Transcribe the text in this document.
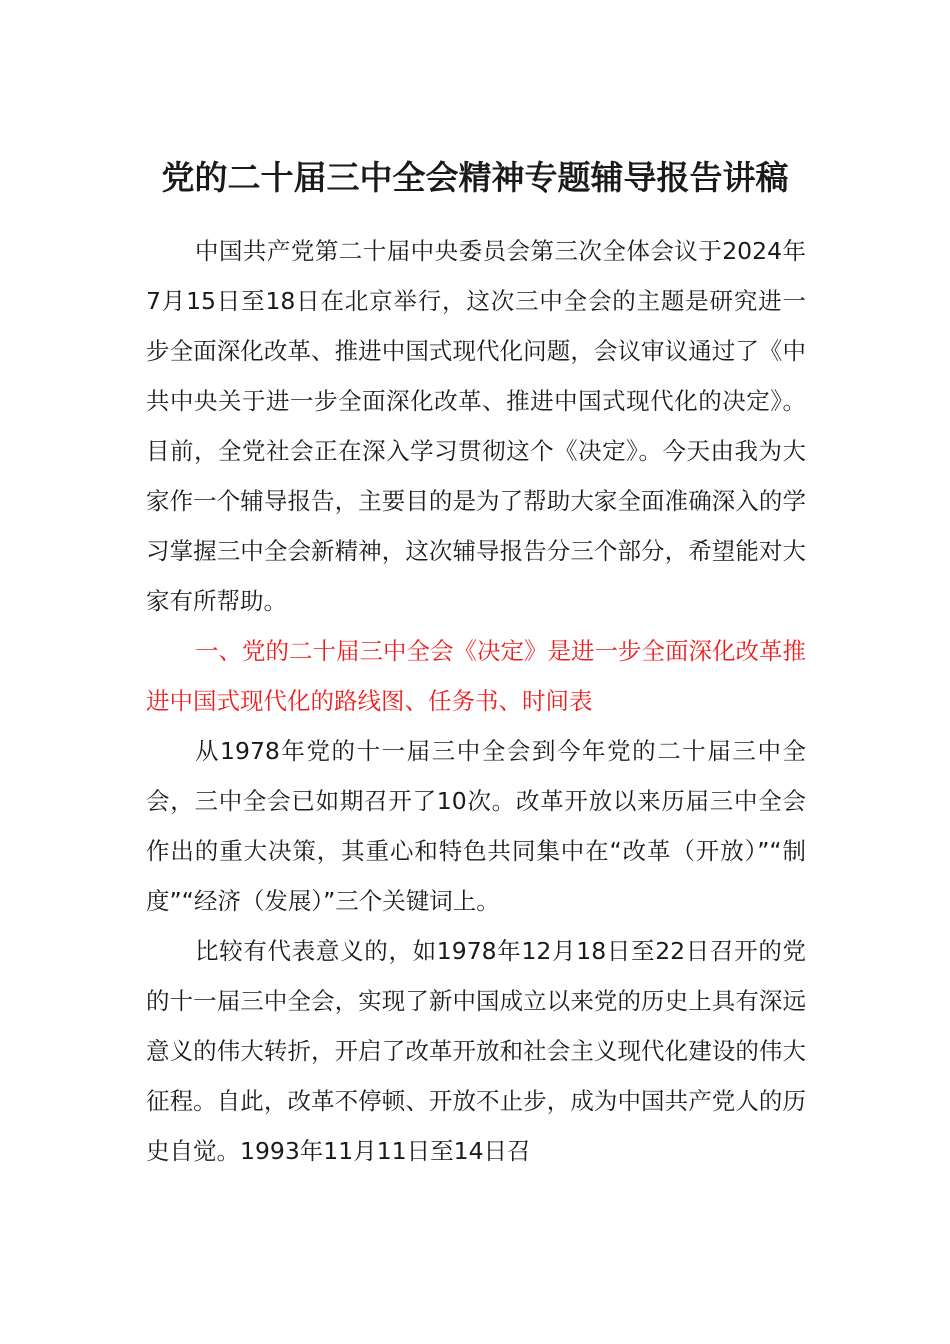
党的二十届三中全会精神专题辅导报告讲稿

中国共产党第二十届中央委员会第三次全体会议于2024年7月15日至18日在北京举行，这次三中全会的主题是研究进一步全面深化改革、推进中国式现代化问题，会议审议通过了《中共中央关于进一步全面深化改革、推进中国式现代化的决定》。目前，全党社会正在深入学习贯彻这个《决定》。今天由我为大家作一个辅导报告，主要目的是为了帮助大家全面准确深入的学习掌握三中全会新精神，这次辅导报告分三个部分，希望能对大家有所帮助。

一、党的二十届三中全会《决定》是进一步全面深化改革推进中国式现代化的路线图、任务书、时间表

从1978年党的十一届三中全会到今年党的二十届三中全会，三中全会已如期召开了10次。改革开放以来历届三中全会作出的重大决策，其重心和特色共同集中在“改革（开放）”“制度”“经济（发展）”三个关键词上。

比较有代表意义的，如1978年12月18日至22日召开的党的十一届三中全会，实现了新中国成立以来党的历史上具有深远意义的伟大转折，开启了改革开放和社会主义现代化建设的伟大征程。自此，改革不停顿、开放不止步，成为中国共产党人的历史自觉。1993年11月11日至14日召
